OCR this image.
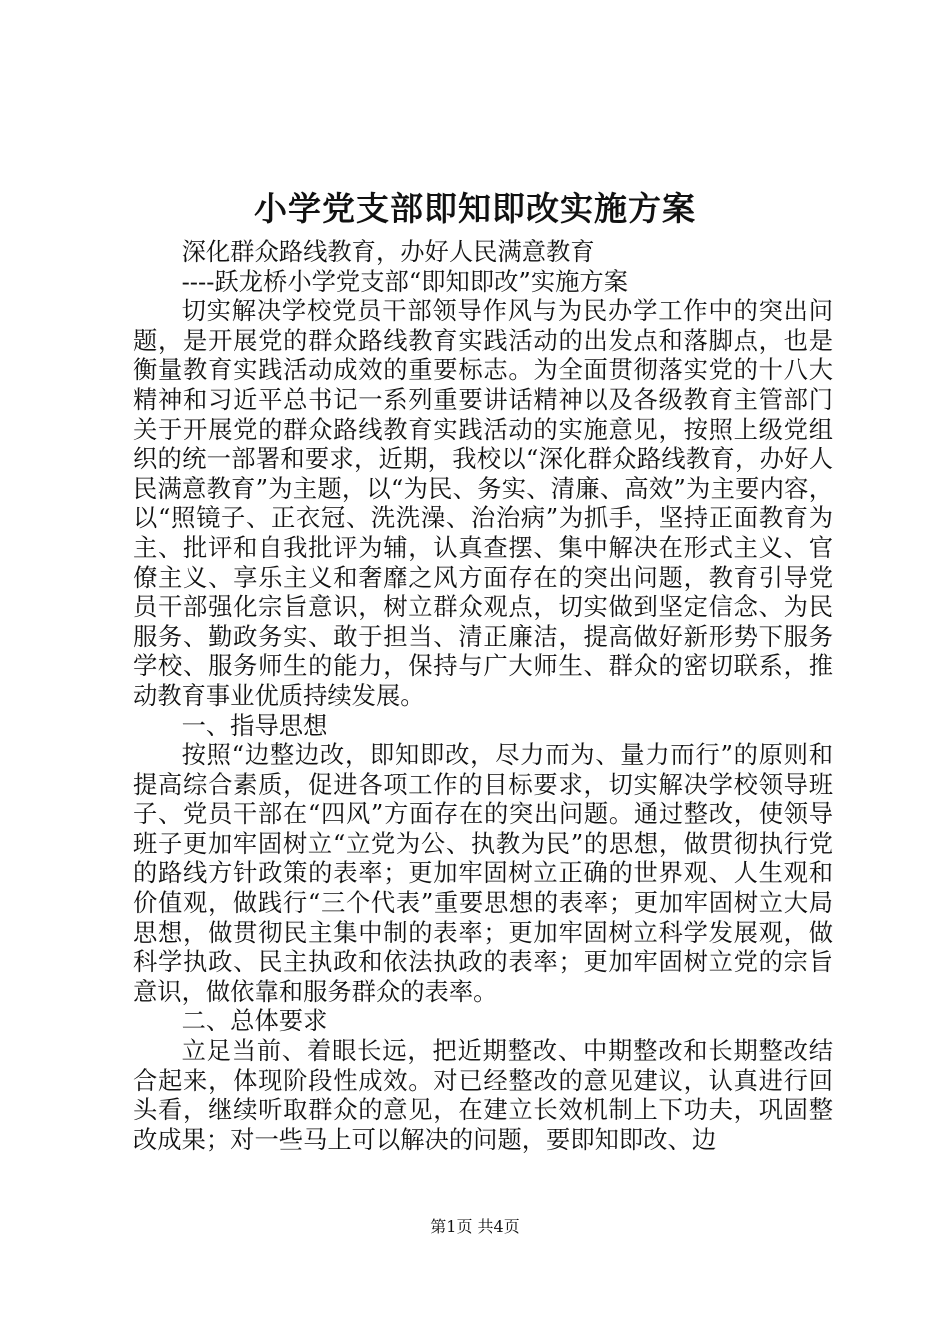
小学党支部即知即改实施方案

深化群众路线教育，办好人民满意教育

----跃龙桥小学党支部“即知即改”实施方案

切实解决学校党员干部领导作风与为民办学工作中的突出问题，是开展党的群众路线教育实践活动的出发点和落脚点，也是衡量教育实践活动成效的重要标志。为全面贯彻落实党的十八大精神和习近平总书记一系列重要讲话精神以及各级教育主管部门关于开展党的群众路线教育实践活动的实施意见，按照上级党组织的统一部署和要求，近期，我校以“深化群众路线教育，办好人民满意教育”为主题，以“为民、务实、清廉、高效”为主要内容，以“照镜子、正衣冠、洗洗澡、治治病”为抓手，坚持正面教育为主、批评和自我批评为辅，认真查摆、集中解决在形式主义、官僚主义、享乐主义和奢靡之风方面存在的突出问题，教育引导党员干部强化宗旨意识，树立群众观点，切实做到坚定信念、为民服务、勤政务实、敢于担当、清正廉洁，提高做好新形势下服务学校、服务师生的能力，保持与广大师生、群众的密切联系，推动教育事业优质持续发展。

一、指导思想

按照“边整边改，即知即改，尽力而为、量力而行”的原则和提高综合素质，促进各项工作的目标要求，切实解决学校领导班子、党员干部在“四风”方面存在的突出问题。通过整改，使领导班子更加牢固树立“立党为公、执教为民”的思想，做贯彻执行党的路线方针政策的表率；更加牢固树立正确的世界观、人生观和价值观，做践行“三个代表”重要思想的表率；更加牢固树立大局思想，做贯彻民主集中制的表率；更加牢固树立科学发展观，做科学执政、民主执政和依法执政的表率；更加牢固树立党的宗旨意识，做依靠和服务群众的表率。

二、总体要求

立足当前、着眼长远，把近期整改、中期整改和长期整改结合起来，体现阶段性成效。对已经整改的意见建议，认真进行回头看，继续听取群众的意见，在建立长效机制上下功夫，巩固整改成果；对一些马上可以解决的问题，要即知即改、边

第1页 共4页
